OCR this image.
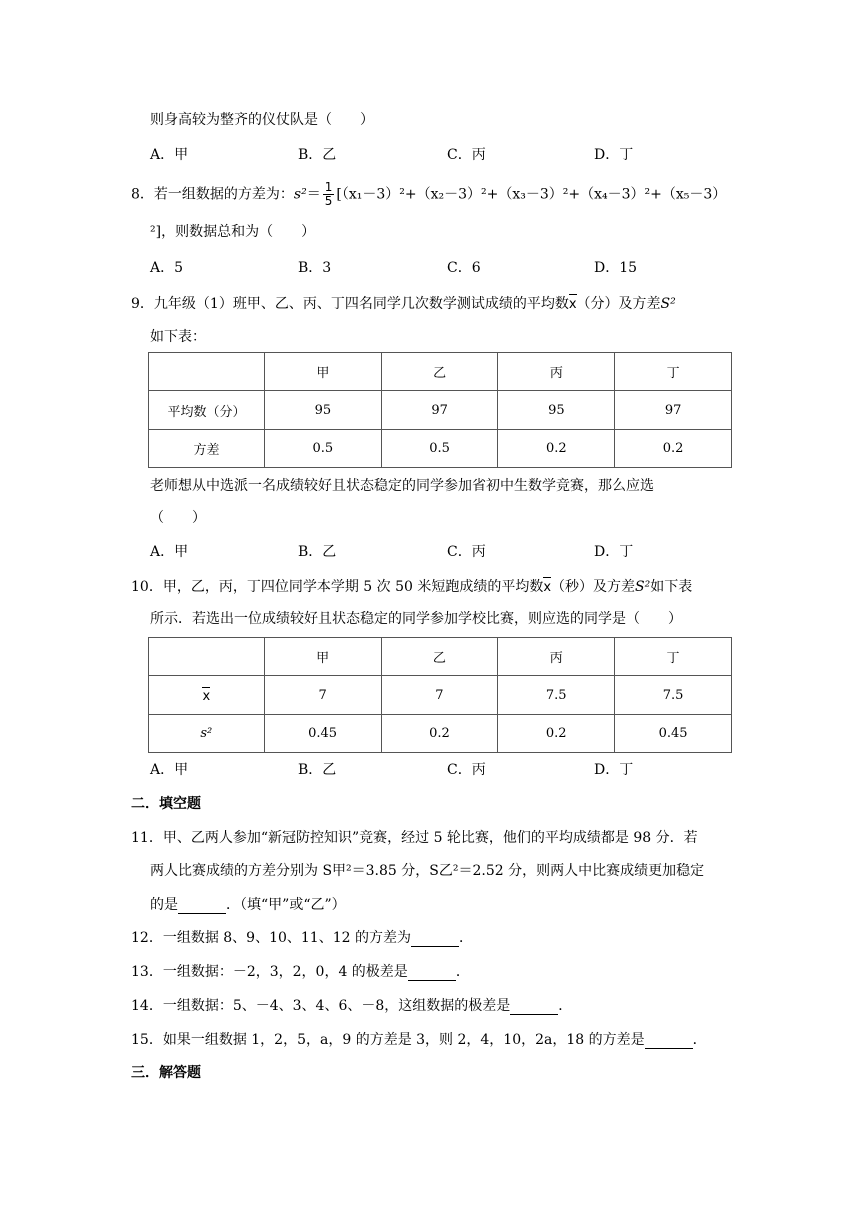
则身高较为整齐的仪仗队是（　　）
A．甲	B．乙	C．丙	D．丁
8．若一组数据的方差为：$s^2= \frac{1}{5} [(x_1-3)^2+(x_2-3)^2+(x_3-3)^2+(x_4-3)^2+(x_5-3)$
²]，则数据总和为（　　）
A．5	B．3	C．6	D．15
9．九年级（1）班甲、乙、丙、丁四名同学几次数学测试成绩的平均数x（分）及方差S²
如下表：
	甲	乙	丙	丁
平均数（分）	95	97	95	97
方差	0.5	0.5	0.2	0.2
老师想从中选派一名成绩较好且状态稳定的同学参加省初中生数学竞赛，那么应选
（　　）
A．甲	B．乙	C．丙	D．丁
10．甲，乙，丙，丁四位同学本学期 5 次 50 米短跑成绩的平均数x（秒）及方差S²如下表
所示．若选出一位成绩较好且状态稳定的同学参加学校比赛，则应选的同学是（　　）
	甲	乙	丙	丁
x	7	7	7.5	7.5
s²	0.45	0.2	0.2	0.45
A．甲	B．乙	C．丙	D．丁
二．填空题
11．甲、乙两人参加“新冠防控知识”竞赛，经过 5 轮比赛，他们的平均成绩都是 98 分．若
两人比赛成绩的方差分别为 S甲²＝3.85 分，S乙²＝2.52 分，则两人中比赛成绩更加稳定
的是	．（填“甲”或“乙”）
12．一组数据 8、9、10、11、12 的方差为	．
13．一组数据：－2，3，2，0，4 的极差是	．
14．一组数据：5、－4、3、4、6、－8，这组数据的极差是	．
15．如果一组数据 1，2，5，a，9 的方差是 3，则 2，4，10，2a，18 的方差是	．
三．解答题
